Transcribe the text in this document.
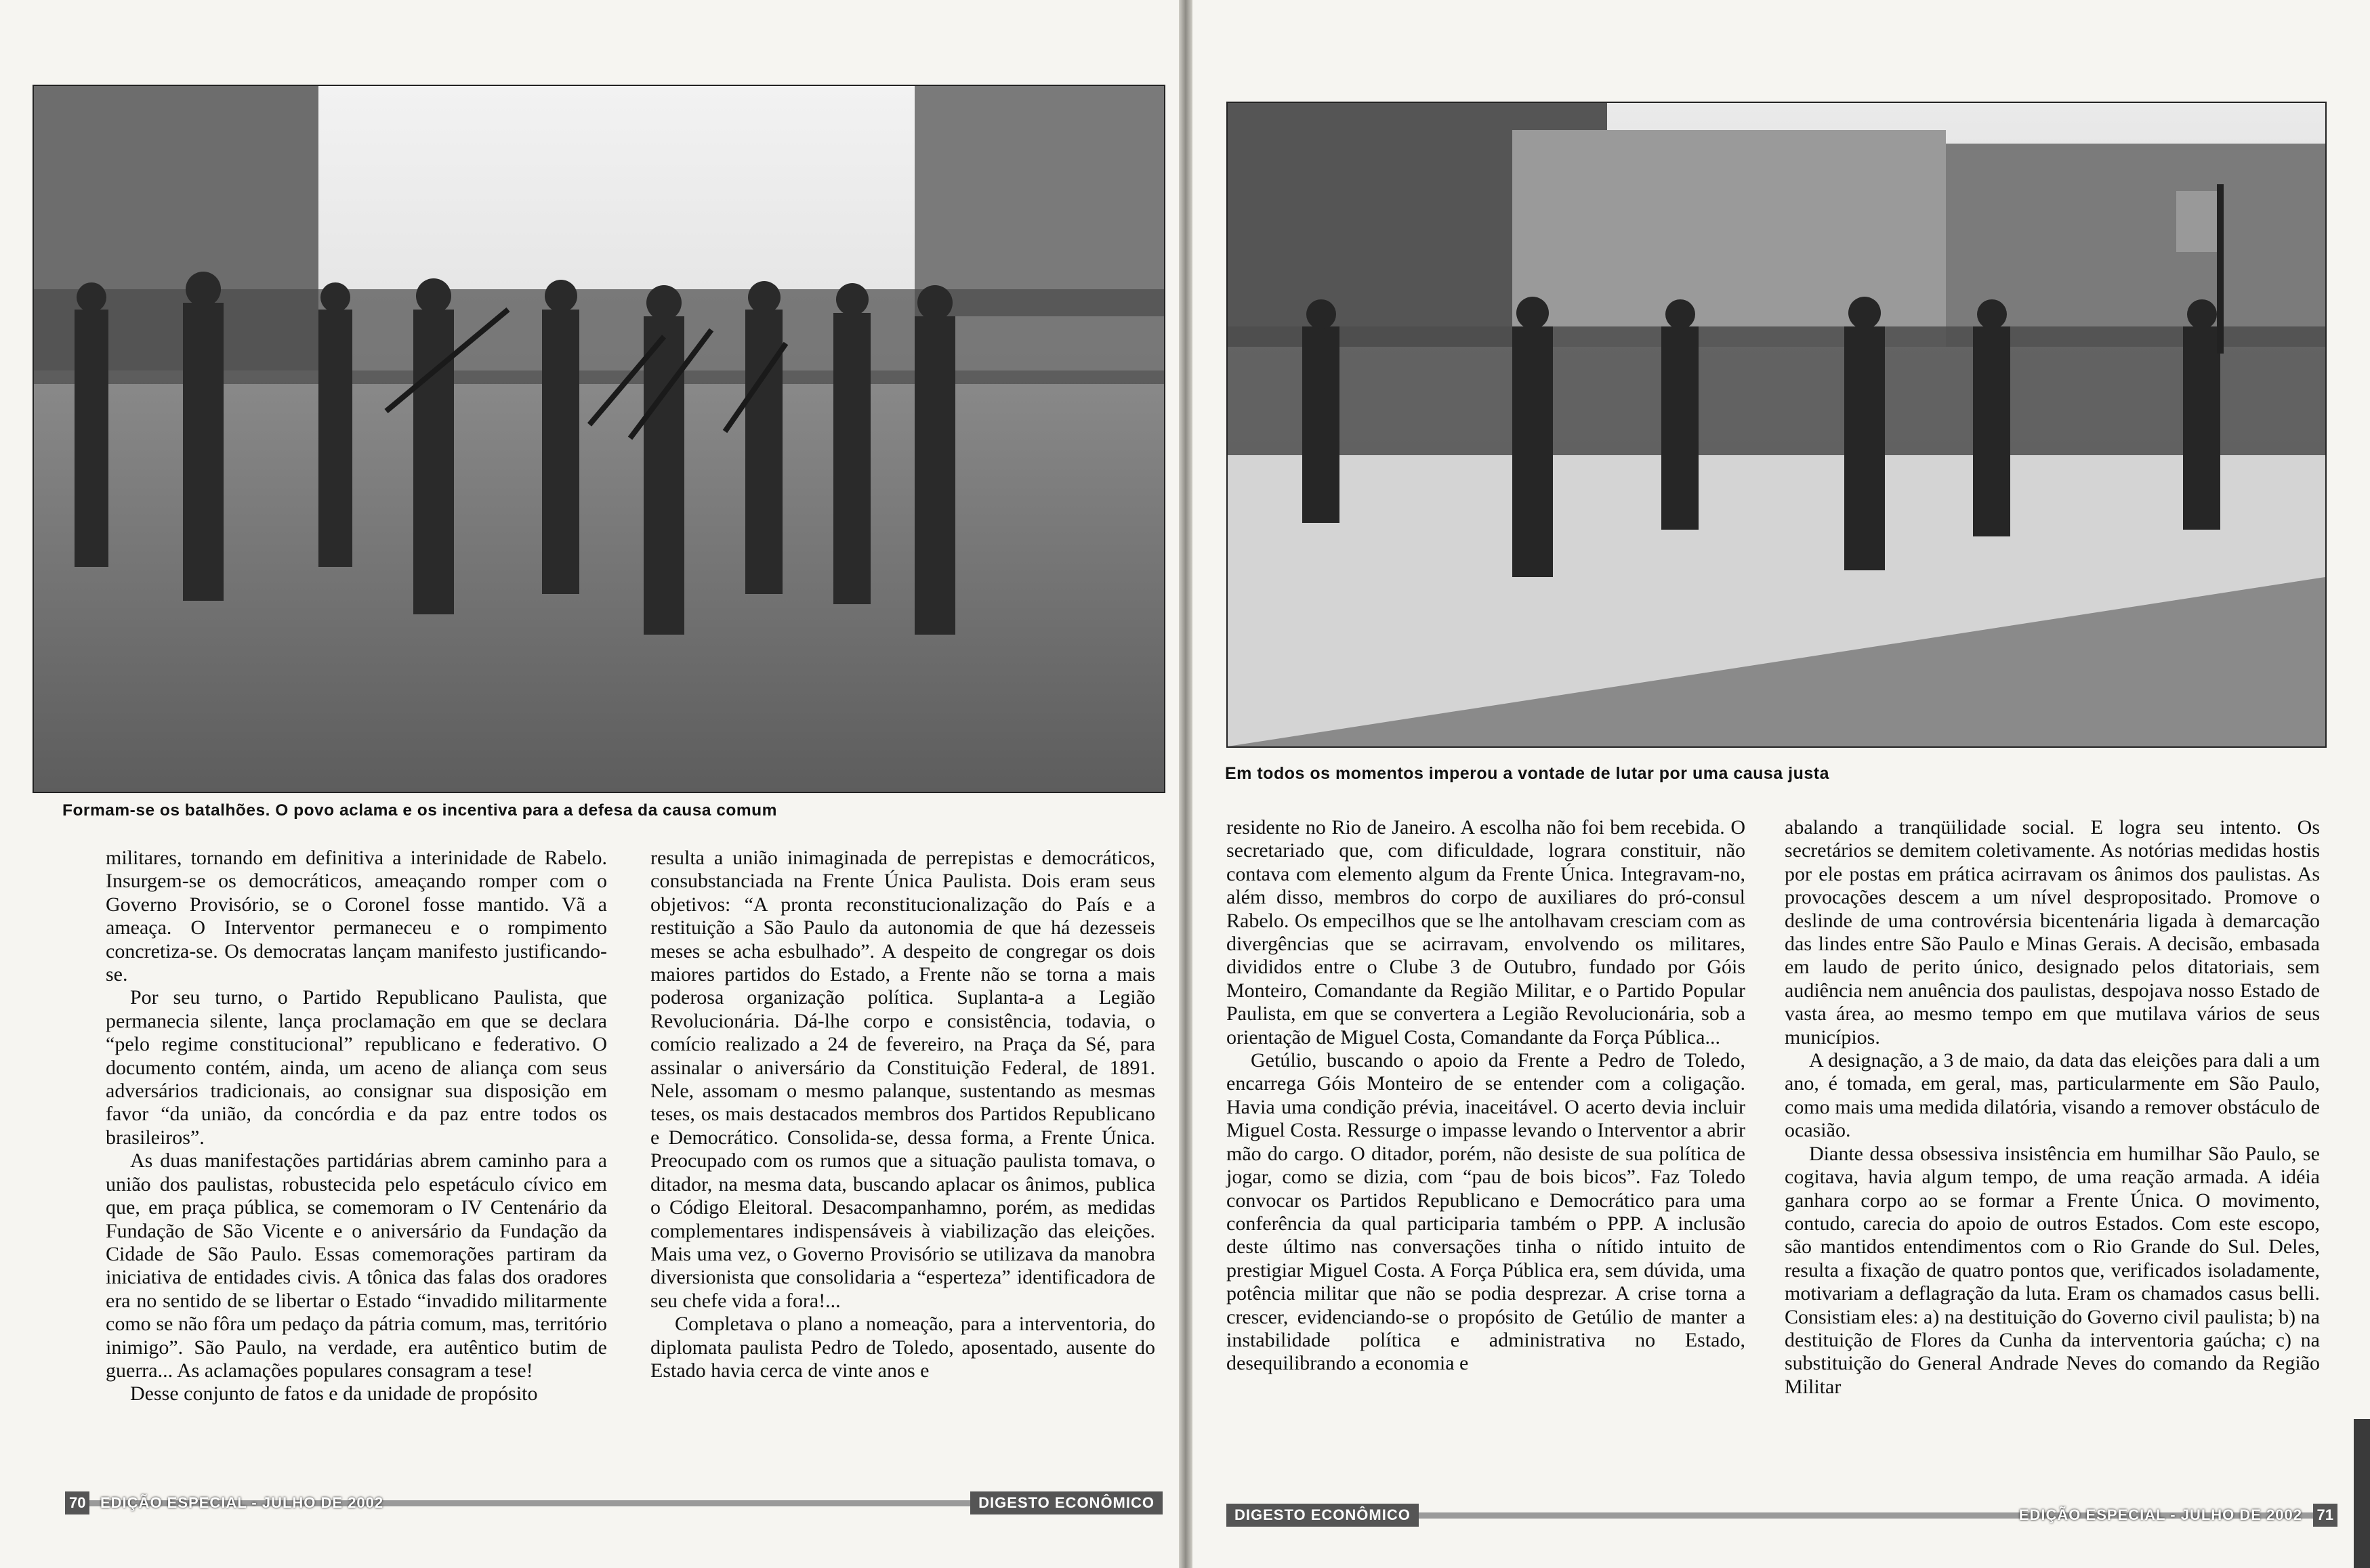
Formam-se os batalhões. O povo aclama e os incentiva para a defesa da causa comum

militares, tornando em definitiva a interinidade de Rabelo. Insurgem-se os democráticos, ameaçando romper com o Governo Provisório, se o Coronel fosse mantido. Vã a ameaça. O Interventor permaneceu e o rompimento concretiza-se. Os democratas lançam manifesto justificando-se.

Por seu turno, o Partido Republicano Paulista, que permanecia silente, lança proclamação em que se declara “pelo regime constitucional” republicano e federativo. O documento contém, ainda, um aceno de aliança com seus adversários tradicionais, ao consignar sua disposição em favor “da união, da concórdia e da paz entre todos os brasileiros”.

As duas manifestações partidárias abrem caminho para a união dos paulistas, robustecida pelo espetáculo cívico em que, em praça pública, se comemoram o IV Centenário da Fundação de São Vicente e o aniversário da Fundação da Cidade de São Paulo. Essas comemorações partiram da iniciativa de entidades civis. A tônica das falas dos oradores era no sentido de se libertar o Estado “invadido militarmente como se não fôra um pedaço da pátria comum, mas, território inimigo”. São Paulo, na verdade, era autêntico butim de guerra... As aclamações populares consagram a tese!

Desse conjunto de fatos e da unidade de propósito

resulta a união inimaginada de perrepistas e democráticos, consubstanciada na Frente Única Paulista. Dois eram seus objetivos: “A pronta reconstitucionalização do País e a restituição a São Paulo da autonomia de que há dezesseis meses se acha esbulhado”. A despeito de congregar os dois maiores partidos do Estado, a Frente não se torna a mais poderosa organização política. Suplanta-a a Legião Revolucionária. Dá-lhe corpo e consistência, todavia, o comício realizado a 24 de fevereiro, na Praça da Sé, para assinalar o aniversário da Constituição Federal, de 1891. Nele, assomam o mesmo palanque, sustentando as mesmas teses, os mais destacados membros dos Partidos Republicano e Democrático. Consolida-se, dessa forma, a Frente Única. Preocupado com os rumos que a situação paulista tomava, o ditador, na mesma data, buscando aplacar os ânimos, publica o Código Eleitoral. Desacompanhamno, porém, as medidas complementares indispensáveis à viabilização das eleições. Mais uma vez, o Governo Provisório se utilizava da manobra diversionista que consolidaria a “esperteza” identificadora de seu chefe vida a fora!...

Completava o plano a nomeação, para a interventoria, do diplomata paulista Pedro de Toledo, aposentado, ausente do Estado havia cerca de vinte anos e

70 EDIÇÃO ESPECIAL - JULHO DE 2002	DIGESTO ECONÔMICO
Em todos os momentos imperou a vontade de lutar por uma causa justa

residente no Rio de Janeiro. A escolha não foi bem recebida. O secretariado que, com dificuldade, lograra constituir, não contava com elemento algum da Frente Única. Integravam-no, além disso, membros do corpo de auxiliares do pró-consul Rabelo. Os empecilhos que se lhe antolhavam cresciam com as divergências que se acirravam, envolvendo os militares, divididos entre o Clube 3 de Outubro, fundado por Góis Monteiro, Comandante da Região Militar, e o Partido Popular Paulista, em que se convertera a Legião Revolucionária, sob a orientação de Miguel Costa, Comandante da Força Pública...

Getúlio, buscando o apoio da Frente a Pedro de Toledo, encarrega Góis Monteiro de se entender com a coligação. Havia uma condição prévia, inaceitável. O acerto devia incluir Miguel Costa. Ressurge o impasse levando o Interventor a abrir mão do cargo. O ditador, porém, não desiste de sua política de jogar, como se dizia, com “pau de bois bicos”. Faz Toledo convocar os Partidos Republicano e Democrático para uma conferência da qual participaria também o PPP. A inclusão deste último nas conversações tinha o nítido intuito de prestigiar Miguel Costa. A Força Pública era, sem dúvida, uma potência militar que não se podia desprezar. A crise torna a crescer, evidenciando-se o propósito de Getúlio de manter a instabilidade política e administrativa no Estado, desequilibrando a economia e

abalando a tranqüilidade social. E logra seu intento. Os secretários se demitem coletivamente. As notórias medidas hostis por ele postas em prática acirravam os ânimos dos paulistas. As provocações descem a um nível despropositado. Promove o deslinde de uma controvérsia bicentenária ligada à demarcação das lindes entre São Paulo e Minas Gerais. A decisão, embasada em laudo de perito único, designado pelos ditatoriais, sem audiência nem anuência dos paulistas, despojava nosso Estado de vasta área, ao mesmo tempo em que mutilava vários de seus municípios.

A designação, a 3 de maio, da data das eleições para dali a um ano, é tomada, em geral, mas, particularmente em São Paulo, como mais uma medida dilatória, visando a remover obstáculo de ocasião.

Diante dessa obsessiva insistência em humilhar São Paulo, se cogitava, havia algum tempo, de uma reação armada. A idéia ganhara corpo ao se formar a Frente Única. O movimento, contudo, carecia do apoio de outros Estados. Com este escopo, são mantidos entendimentos com o Rio Grande do Sul. Deles, resulta a fixação de quatro pontos que, verificados isoladamente, motivariam a deflagração da luta. Eram os chamados casus belli. Consistiam eles: a) na destituição do Governo civil paulista; b) na destituição de Flores da Cunha da interventoria gaúcha; c) na substituição do General Andrade Neves do comando da Região Militar

DIGESTO ECONÔMICO	EDIÇÃO ESPECIAL - JULHO DE 2002 71
